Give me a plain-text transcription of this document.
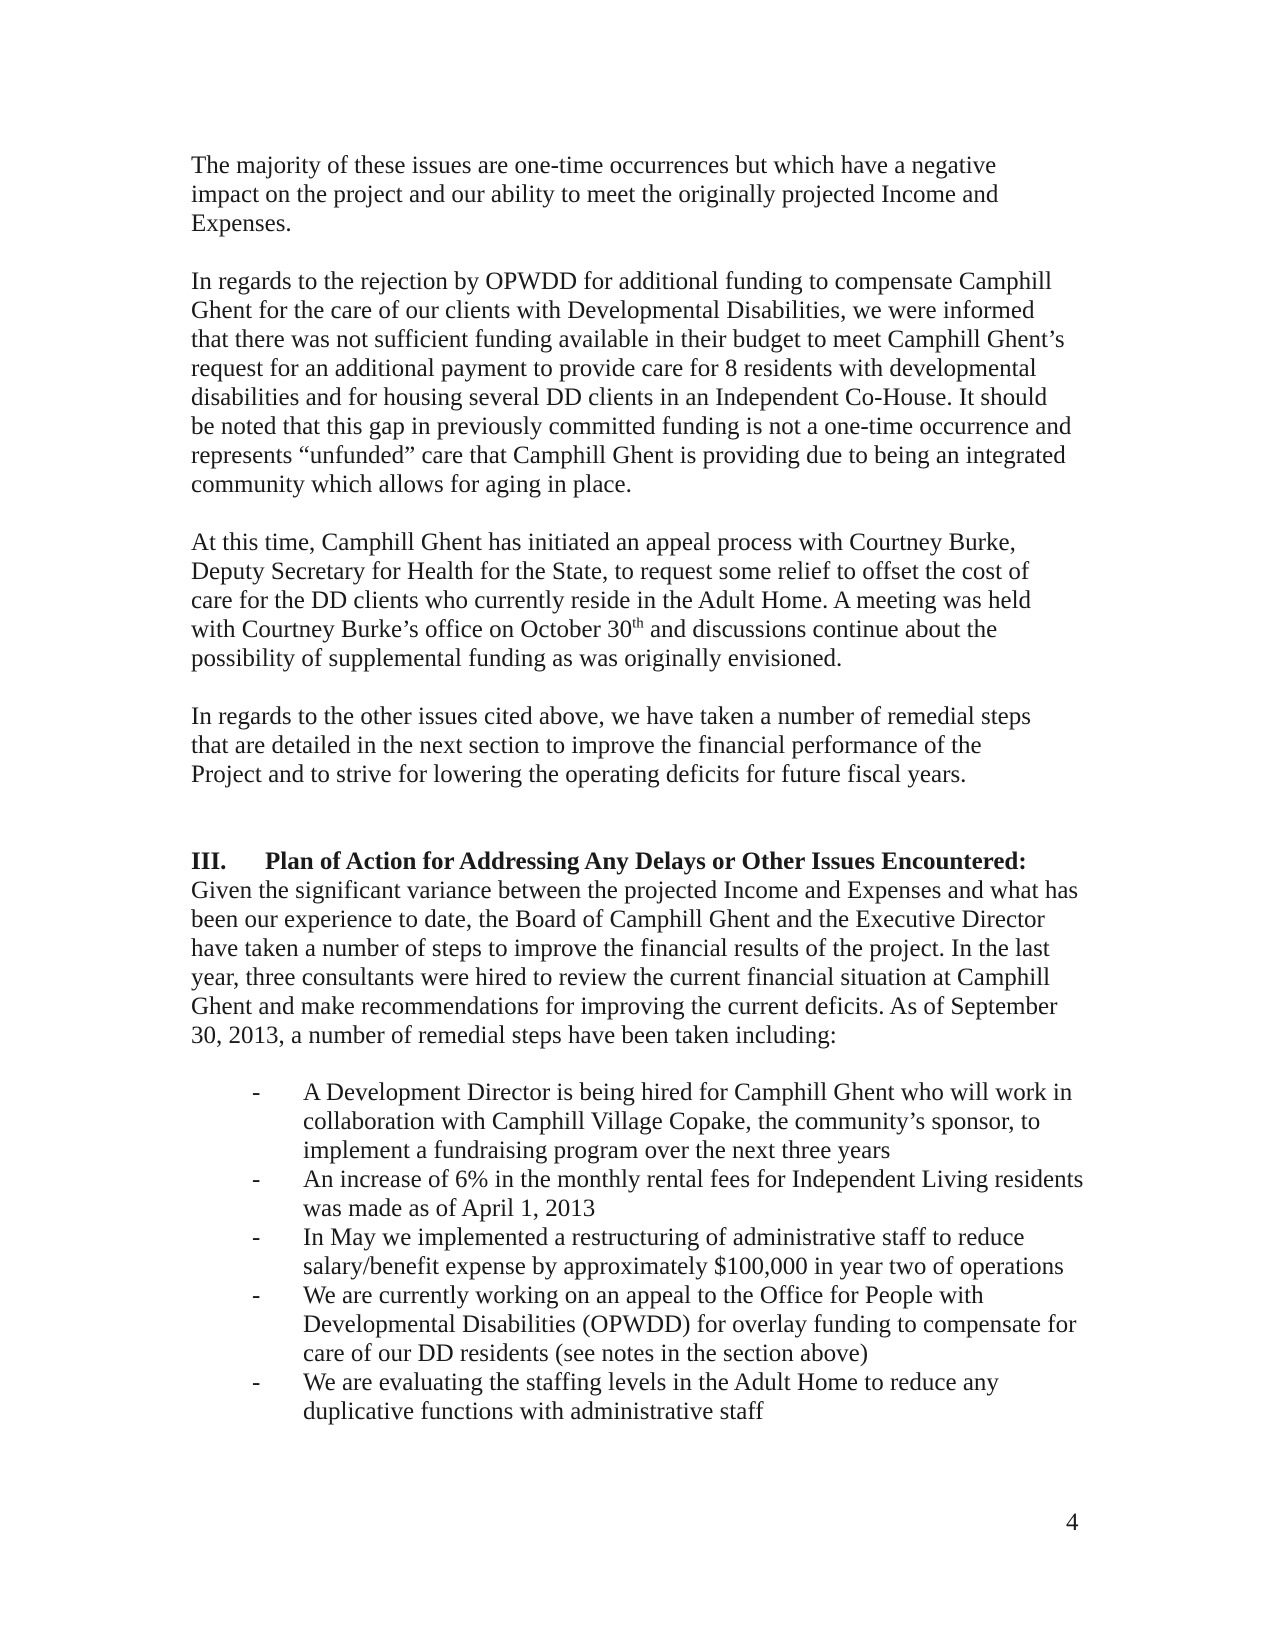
The majority of these issues are one-time occurrences but which have a negative impact on the project and our ability to meet the originally projected Income and Expenses.

In regards to the rejection by OPWDD for additional funding to compensate Camphill Ghent for the care of our clients with Developmental Disabilities, we were informed that there was not sufficient funding available in their budget to meet Camphill Ghent’s request for an additional payment to provide care for 8 residents with developmental disabilities and for housing several DD clients in an Independent Co-House. It should be noted that this gap in previously committed funding is not a one-time occurrence and represents “unfunded” care that Camphill Ghent is providing due to being an integrated community which allows for aging in place.

At this time, Camphill Ghent has initiated an appeal process with Courtney Burke, Deputy Secretary for Health for the State, to request some relief to offset the cost of care for the DD clients who currently reside in the Adult Home. A meeting was held with Courtney Burke’s office on October 30th and discussions continue about the possibility of supplemental funding as was originally envisioned.

In regards to the other issues cited above, we have taken a number of remedial steps that are detailed in the next section to improve the financial performance of the Project and to strive for lowering the operating deficits for future fiscal years.

III. Plan of Action for Addressing Any Delays or Other Issues Encountered:
Given the significant variance between the projected Income and Expenses and what has been our experience to date, the Board of Camphill Ghent and the Executive Director have taken a number of steps to improve the financial results of the project. In the last year, three consultants were hired to review the current financial situation at Camphill Ghent and make recommendations for improving the current deficits. As of September 30, 2013, a number of remedial steps have been taken including:
- A Development Director is being hired for Camphill Ghent who will work in collaboration with Camphill Village Copake, the community’s sponsor, to implement a fundraising program over the next three years
- An increase of 6% in the monthly rental fees for Independent Living residents was made as of April 1, 2013
- In May we implemented a restructuring of administrative staff to reduce salary/benefit expense by approximately $100,000 in year two of operations
- We are currently working on an appeal to the Office for People with Developmental Disabilities (OPWDD) for overlay funding to compensate for care of our DD residents (see notes in the section above)
- We are evaluating the staffing levels in the Adult Home to reduce any duplicative functions with administrative staff
4
